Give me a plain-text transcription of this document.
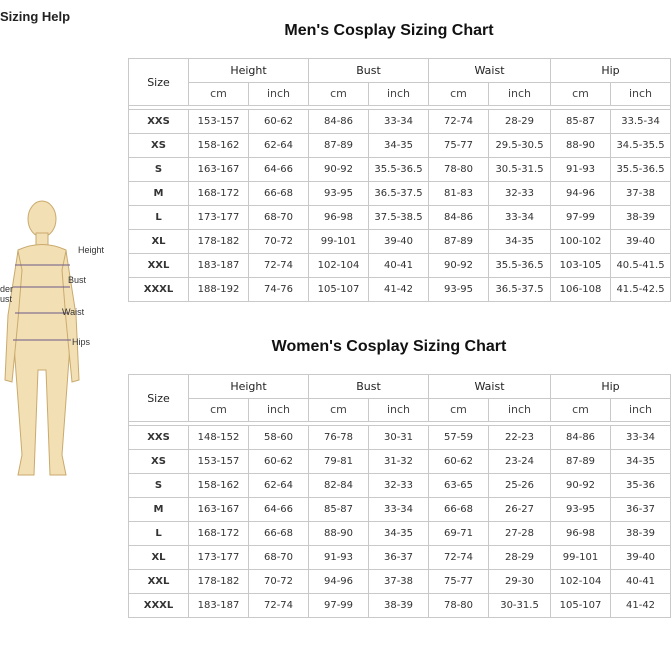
Sizing Help
Height
Bust
der
ust
Waist
Hips
Men's Cosplay Sizing Chart
Size	Height		Bust		Waist		Hip	
	cm	inch	cm	inch	cm	inch	cm	inch

XXS	153-157	60-62	84-86	33-34	72-74	28-29	85-87	33.5-34
XS	158-162	62-64	87-89	34-35	75-77	29.5-30.5	88-90	34.5-35.5
S	163-167	64-66	90-92	35.5-36.5	78-80	30.5-31.5	91-93	35.5-36.5
M	168-172	66-68	93-95	36.5-37.5	81-83	32-33	94-96	37-38
L	173-177	68-70	96-98	37.5-38.5	84-86	33-34	97-99	38-39
XL	178-182	70-72	99-101	39-40	87-89	34-35	100-102	39-40
XXL	183-187	72-74	102-104	40-41	90-92	35.5-36.5	103-105	40.5-41.5
XXXL	188-192	74-76	105-107	41-42	93-95	36.5-37.5	106-108	41.5-42.5
Women's Cosplay Sizing Chart
Size	Height		Bust		Waist		Hip	
	cm	inch	cm	inch	cm	inch	cm	inch

XXS	148-152	58-60	76-78	30-31	57-59	22-23	84-86	33-34
XS	153-157	60-62	79-81	31-32	60-62	23-24	87-89	34-35
S	158-162	62-64	82-84	32-33	63-65	25-26	90-92	35-36
M	163-167	64-66	85-87	33-34	66-68	26-27	93-95	36-37
L	168-172	66-68	88-90	34-35	69-71	27-28	96-98	38-39
XL	173-177	68-70	91-93	36-37	72-74	28-29	99-101	39-40
XXL	178-182	70-72	94-96	37-38	75-77	29-30	102-104	40-41
XXXL	183-187	72-74	97-99	38-39	78-80	30-31.5	105-107	41-42
